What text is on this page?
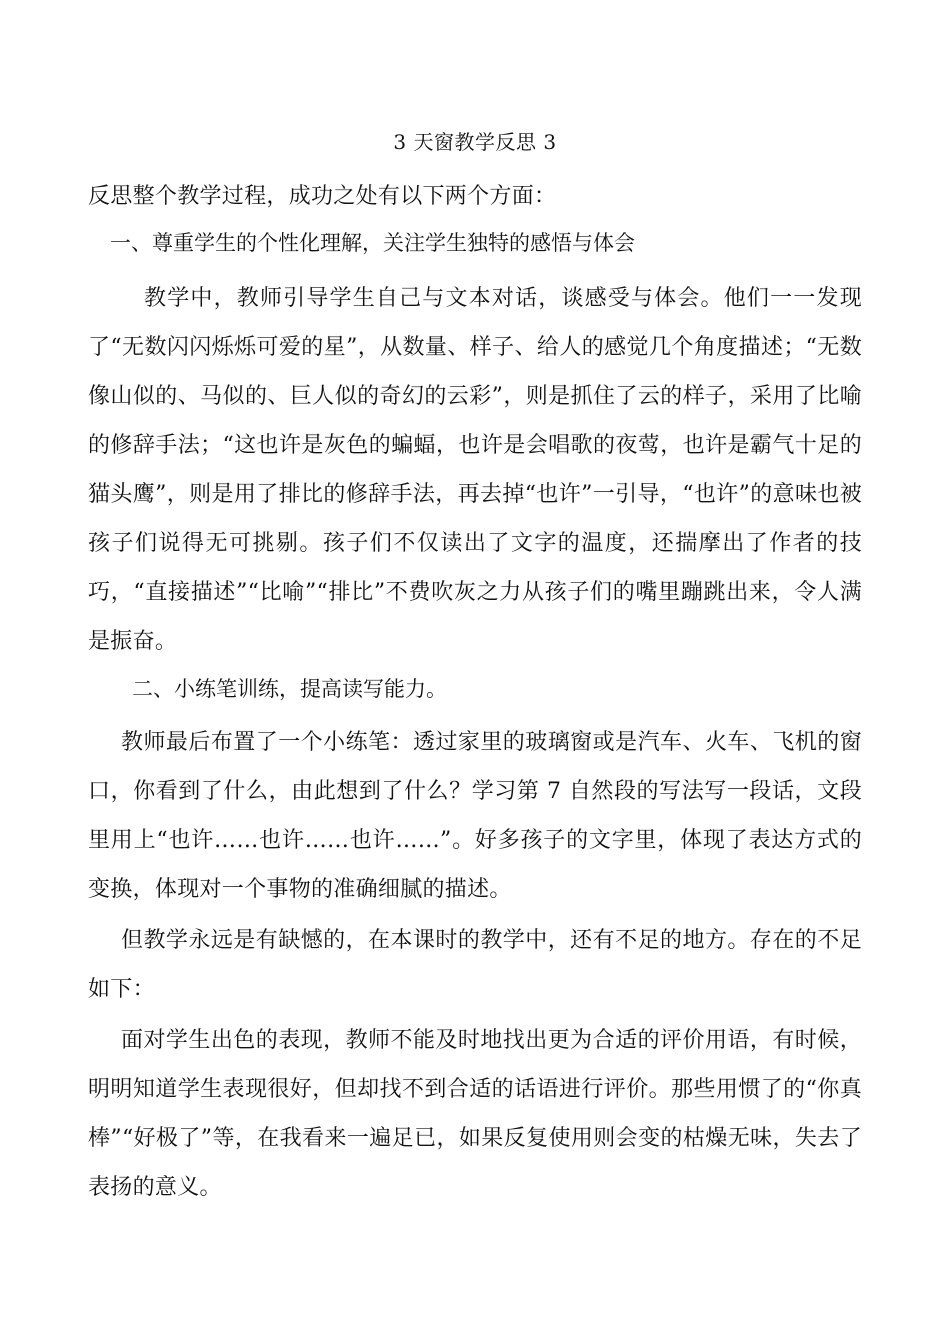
3 天窗教学反思 3

反思整个教学过程，成功之处有以下两个方面：

一、尊重学生的个性化理解，关注学生独特的感悟与体会

教学中，教师引导学生自己与文本对话，谈感受与体会。他们一一发现了“无数闪闪烁烁可爱的星”，从数量、样子、给人的感觉几个角度描述；“无数像山似的、马似的、巨人似的奇幻的云彩”，则是抓住了云的样子，采用了比喻的修辞手法；“这也许是灰色的蝙蝠，也许是会唱歌的夜莺，也许是霸气十足的猫头鹰”，则是用了排比的修辞手法，再去掉“也许”一引导，“也许”的意味也被孩子们说得无可挑剔。孩子们不仅读出了文字的温度，还揣摩出了作者的技巧，“直接描述”“比喻”“排比”不费吹灰之力从孩子们的嘴里蹦跳出来，令人满是振奋。

二、小练笔训练，提高读写能力。

教师最后布置了一个小练笔：透过家里的玻璃窗或是汽车、火车、飞机的窗口，你看到了什么，由此想到了什么？学习第 7 自然段的写法写一段话，文段里用上“也许……也许……也许……”。好多孩子的文字里，体现了表达方式的变换，体现对一个事物的准确细腻的描述。

但教学永远是有缺憾的，在本课时的教学中，还有不足的地方。存在的不足如下：

面对学生出色的表现，教师不能及时地找出更为合适的评价用语，有时候，明明知道学生表现很好，但却找不到合适的话语进行评价。那些用惯了的“你真棒”“好极了”等，在我看来一遍足已，如果反复使用则会变的枯燥无味，失去了表扬的意义。
